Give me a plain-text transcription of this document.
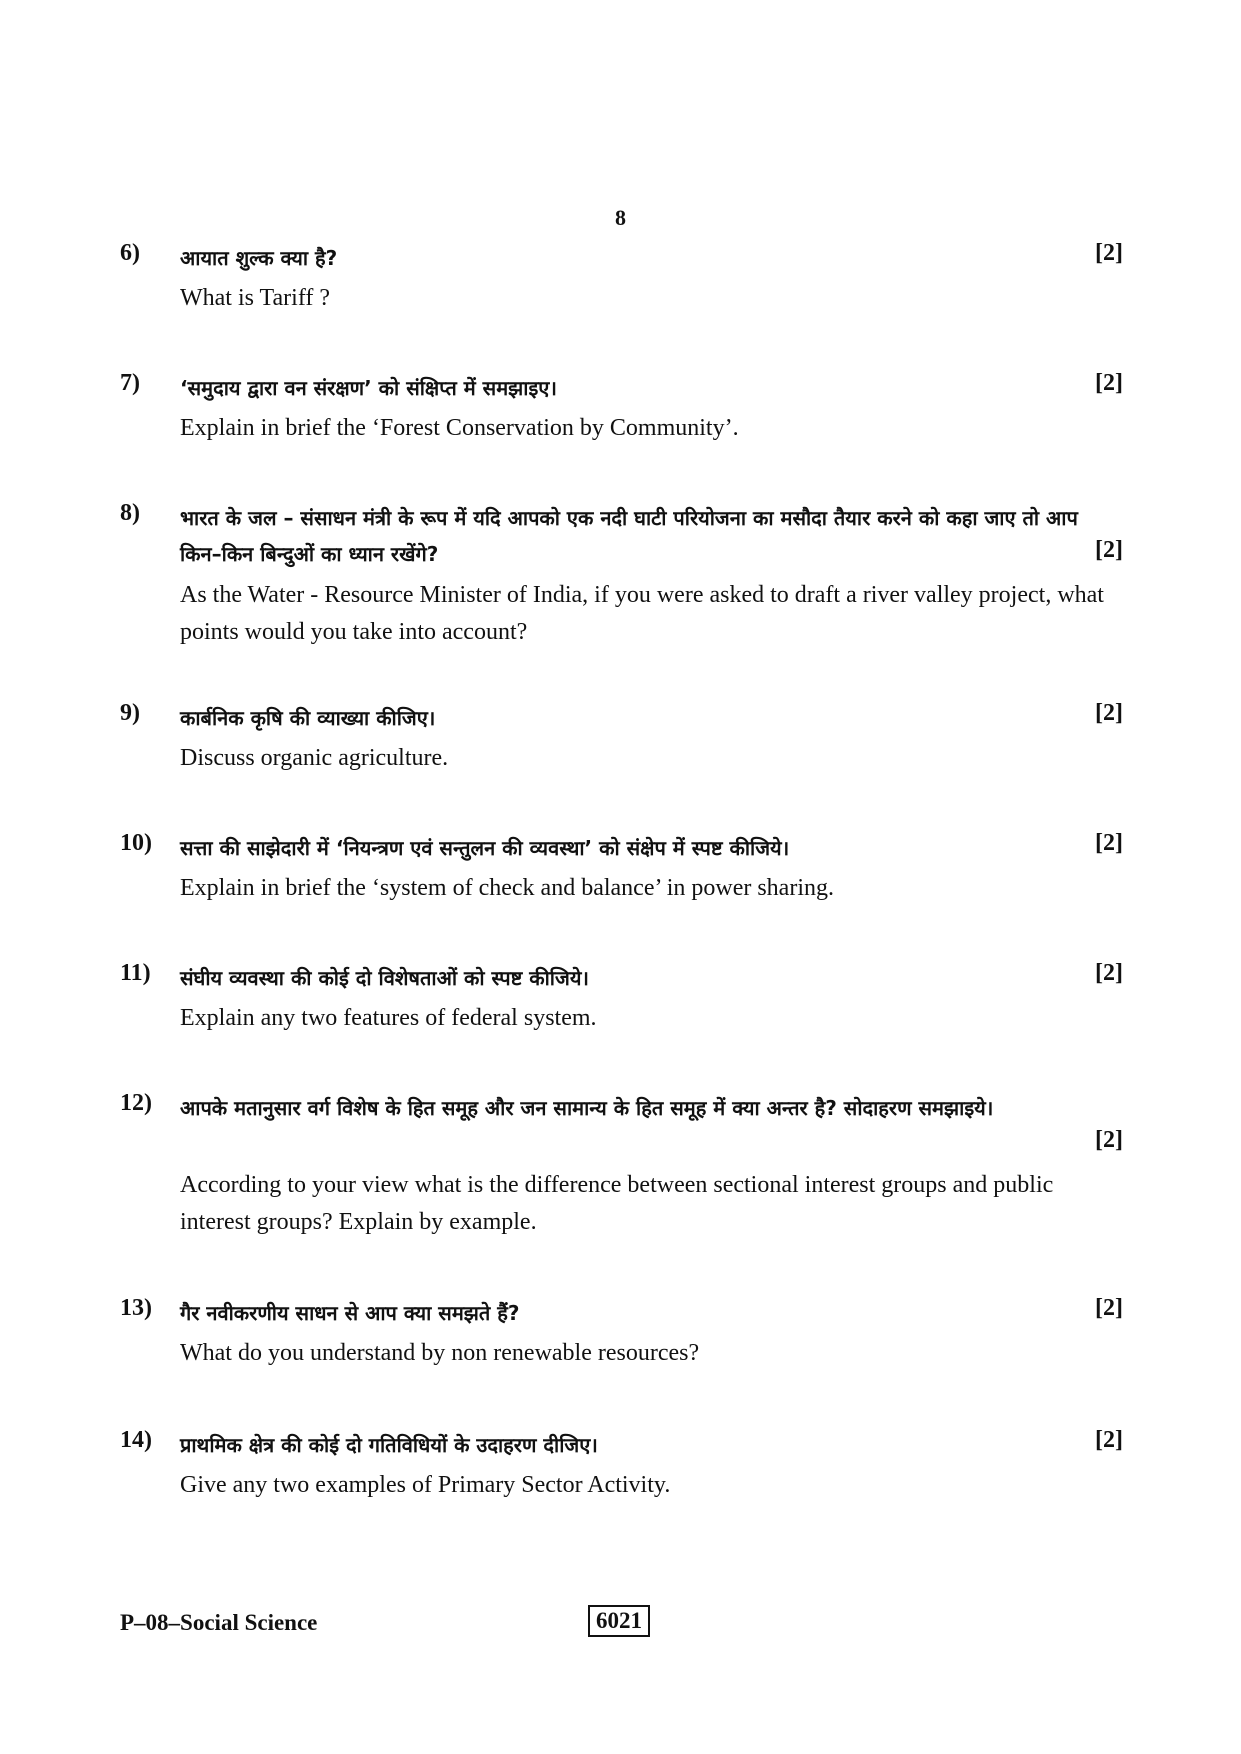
8
6) आयात शुल्क क्या है?	[2]
What is Tariff ?
7) ‘समुदाय द्वारा वन संरक्षण’ को संक्षिप्त में समझाइए।	[2]
Explain in brief the ‘Forest Conservation by Community’.
8) भारत के जल – संसाधन मंत्री के रूप में यदि आपको एक नदी घाटी परियोजना का मसौदा तैयार करने को कहा जाए तो आप किन–किन बिन्दुओं का ध्यान रखेंगे?	[2]
As the Water - Resource Minister of India, if you were asked to draft a river valley project, what points would you take into account?
9) कार्बनिक कृषि की व्याख्या कीजिए।	[2]
Discuss organic agriculture.
10) सत्ता की साझेदारी में ‘नियन्त्रण एवं सन्तुलन की व्यवस्था’ को संक्षेप में स्पष्ट कीजिये।	[2]
Explain in brief the ‘system of check and balance’ in power sharing.
11) संघीय व्यवस्था की कोई दो विशेषताओं को स्पष्ट कीजिये।	[2]
Explain any two features of federal system.
12) आपके मतानुसार वर्ग विशेष के हित समूह और जन सामान्य के हित समूह में क्या अन्तर है? सोदाहरण समझाइये।
[2]
According to your view what is the difference between sectional interest groups and public interest groups? Explain by example.
13) गैर नवीकरणीय साधन से आप क्या समझते हैं?	[2]
What do you understand by non renewable resources?
14) प्राथमिक क्षेत्र की कोई दो गतिविधियों के उदाहरण दीजिए।	[2]
Give any two examples of Primary Sector Activity.
P–08–Social Science	6021
